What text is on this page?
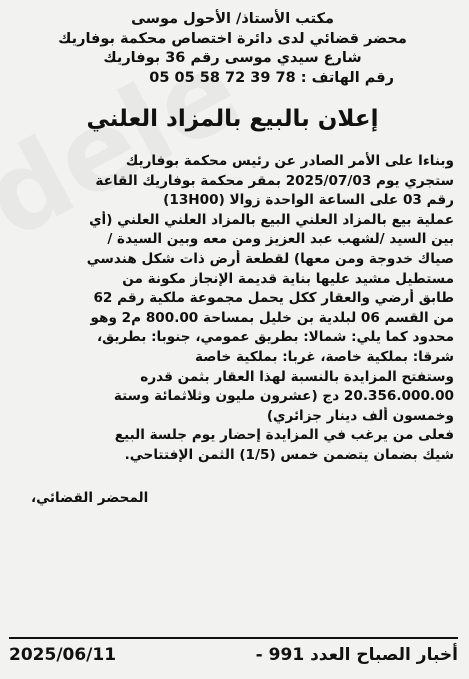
مكتب الأستاذ/ الأحول موسى
محضر قضائي لدى دائرة اختصاص محكمة بوفاريك
شارع سيدي موسى رقم 36 بوفاريك
رقم الهاتف : 78 39 72 58 05 05
إعلان بالبيع بالمزاد العلني
وبناءا على الأمر الصادر عن رئيس محكمة بوفاريك
ستجري يوم 2025/07/03 بمقر محكمة بوفاريك القاعة
رقم 03 على الساعة الواحدة زوالا (13H00)
عملية بيع بالمزاد العلني البيع بالمزاد العلني العلني (أي
بين السيد /لشهب عبد العزيز ومن معه وبين السيدة /
صياك خدوجة ومن معها) لقطعة أرض ذات شكل هندسي
مستطيل مشيد عليها بناية قديمة الإنجاز مكونة من
طابق أرضي والعقار ككل يحمل مجموعة ملكية رقم 62
من القسم 06 لبلدية بن خليل بمساحة 800.00 م2 وهو
محدود كما يلي: شمالا: بطريق عمومي، جنوبا: بطريق،
شرقا: بملكية خاصة، غربا: بملكية خاصة
وستفتح المزايدة بالنسبة لهذا العقار بثمن قدره
20.356.000.00 دج (عشرون مليون وثلاثمائة وستة
وخمسون ألف دينار جزائري)
فعلى من يرغب في المزايدة إحضار يوم جلسة البيع
شيك بضمان يتضمن خمس (1/5) الثمن الإفتتاحي.
المحضر القضائي،
أخبار الصباح العدد 991 -
2025/06/11
